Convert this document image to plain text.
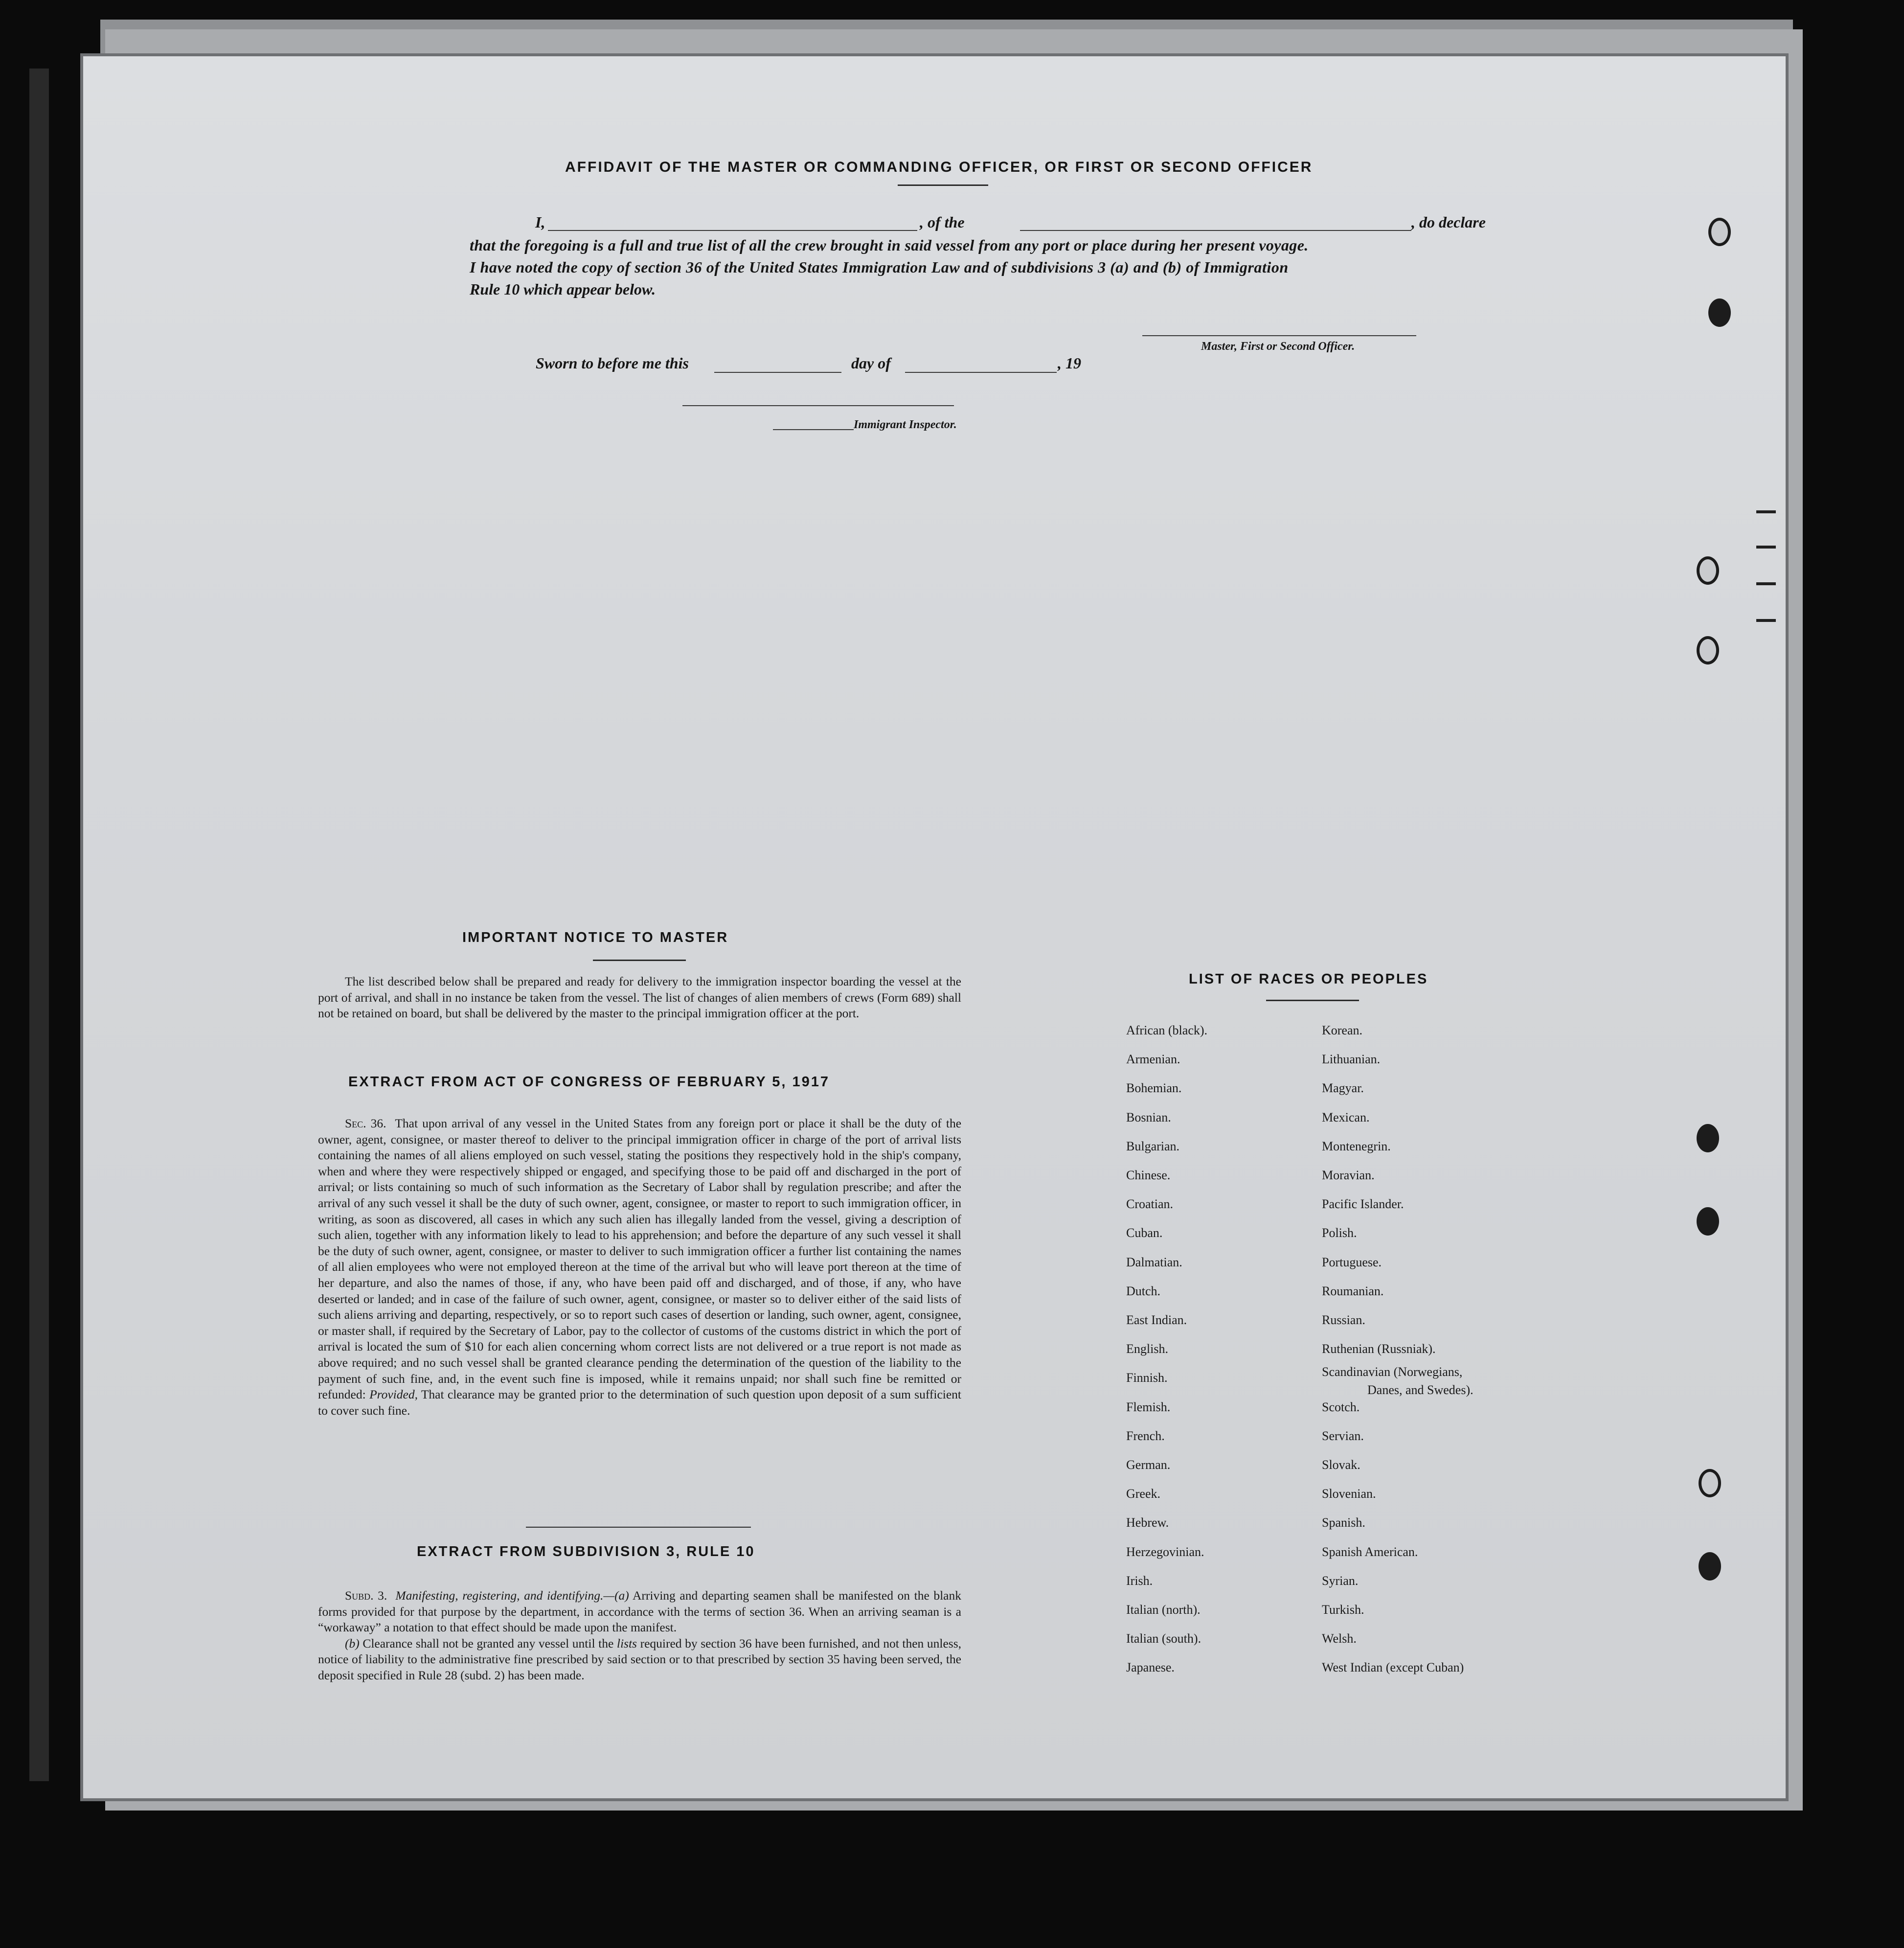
AFFIDAVIT OF THE MASTER OR COMMANDING OFFICER, OR FIRST OR SECOND OFFICER
I,	, of the	, do declare
that the foregoing is a full and true list of all the crew brought in said vessel from any port or place during her present voyage.
I have noted the copy of section 36 of the United States Immigration Law and of subdivisions 3 (a) and (b) of Immigration
Rule 10 which appear below.
Master, First or Second Officer.
Sworn to before me this	day of	, 19
Immigrant Inspector.
IMPORTANT NOTICE TO MASTER
The list described below shall be prepared and ready for delivery to the immigration inspector boarding the vessel at the port of arrival, and shall in no instance be taken from the vessel. The list of changes of alien members of crews (Form 689) shall not be retained on board, but shall be delivered by the master to the principal immigration officer at the port.
EXTRACT FROM ACT OF CONGRESS OF FEBRUARY 5, 1917

Sec. 36. That upon arrival of any vessel in the United States from any foreign port or place it shall be the duty of the owner, agent, consignee, or master thereof to deliver to the principal immigration officer in charge of the port of arrival lists containing the names of all aliens employed on such vessel, stating the positions they respectively hold in the ship's company, when and where they were respectively shipped or engaged, and specifying those to be paid off and discharged in the port of arrival; or lists containing so much of such information as the Secretary of Labor shall by regulation prescribe; and after the arrival of any such vessel it shall be the duty of such owner, agent, consignee, or master to report to such immigration officer, in writing, as soon as discovered, all cases in which any such alien has illegally landed from the vessel, giving a description of such alien, together with any information likely to lead to his apprehension; and before the departure of any such vessel it shall be the duty of such owner, agent, consignee, or master to deliver to such immigration officer a further list containing the names of all alien employees who were not employed thereon at the time of the arrival but who will leave port thereon at the time of her departure, and also the names of those, if any, who have been paid off and discharged, and of those, if any, who have deserted or landed; and in case of the failure of such owner, agent, consignee, or master so to deliver either of the said lists of such aliens arriving and departing, respectively, or so to report such cases of desertion or landing, such owner, agent, consignee, or master shall, if required by the Secretary of Labor, pay to the collector of customs of the customs district in which the port of arrival is located the sum of $10 for each alien concerning whom correct lists are not delivered or a true report is not made as above required; and no such vessel shall be granted clearance pending the determination of the question of the liability to the payment of such fine, and, in the event such fine is imposed, while it remains unpaid; nor shall such fine be remitted or refunded: Provided, That clearance may be granted prior to the determination of such question upon deposit of a sum sufficient to cover such fine.

EXTRACT FROM SUBDIVISION 3, RULE 10

Subd. 3. Manifesting, registering, and identifying.—(a) Arriving and departing seamen shall be manifested on the blank forms provided for that purpose by the department, in accordance with the terms of section 36. When an arriving seaman is a “workaway” a notation to that effect should be made upon the manifest.

(b) Clearance shall not be granted any vessel until the lists required by section 36 have been furnished, and not then unless, notice of liability to the administrative fine prescribed by said section or to that prescribed by section 35 having been served, the deposit specified in Rule 28 (subd. 2) has been made.

LIST OF RACES OR PEOPLES
African (black).
Armenian.
Bohemian.
Bosnian.
Bulgarian.
Chinese.
Croatian.
Cuban.
Dalmatian.
Dutch.
East Indian.
English.
Finnish.
Flemish.
French.
German.
Greek.
Hebrew.
Herzegovinian.
Irish.
Italian (north).
Italian (south).
Japanese.
Korean.
Lithuanian.
Magyar.
Mexican.
Montenegrin.
Moravian.
Pacific Islander.
Polish.
Portuguese.
Roumanian.
Russian.
Ruthenian (Russniak).
Scandinavian (Norwegians,
Danes, and Swedes).
Scotch.
Servian.
Slovak.
Slovenian.
Spanish.
Spanish American.
Syrian.
Turkish.
Welsh.
West Indian (except Cuban)
